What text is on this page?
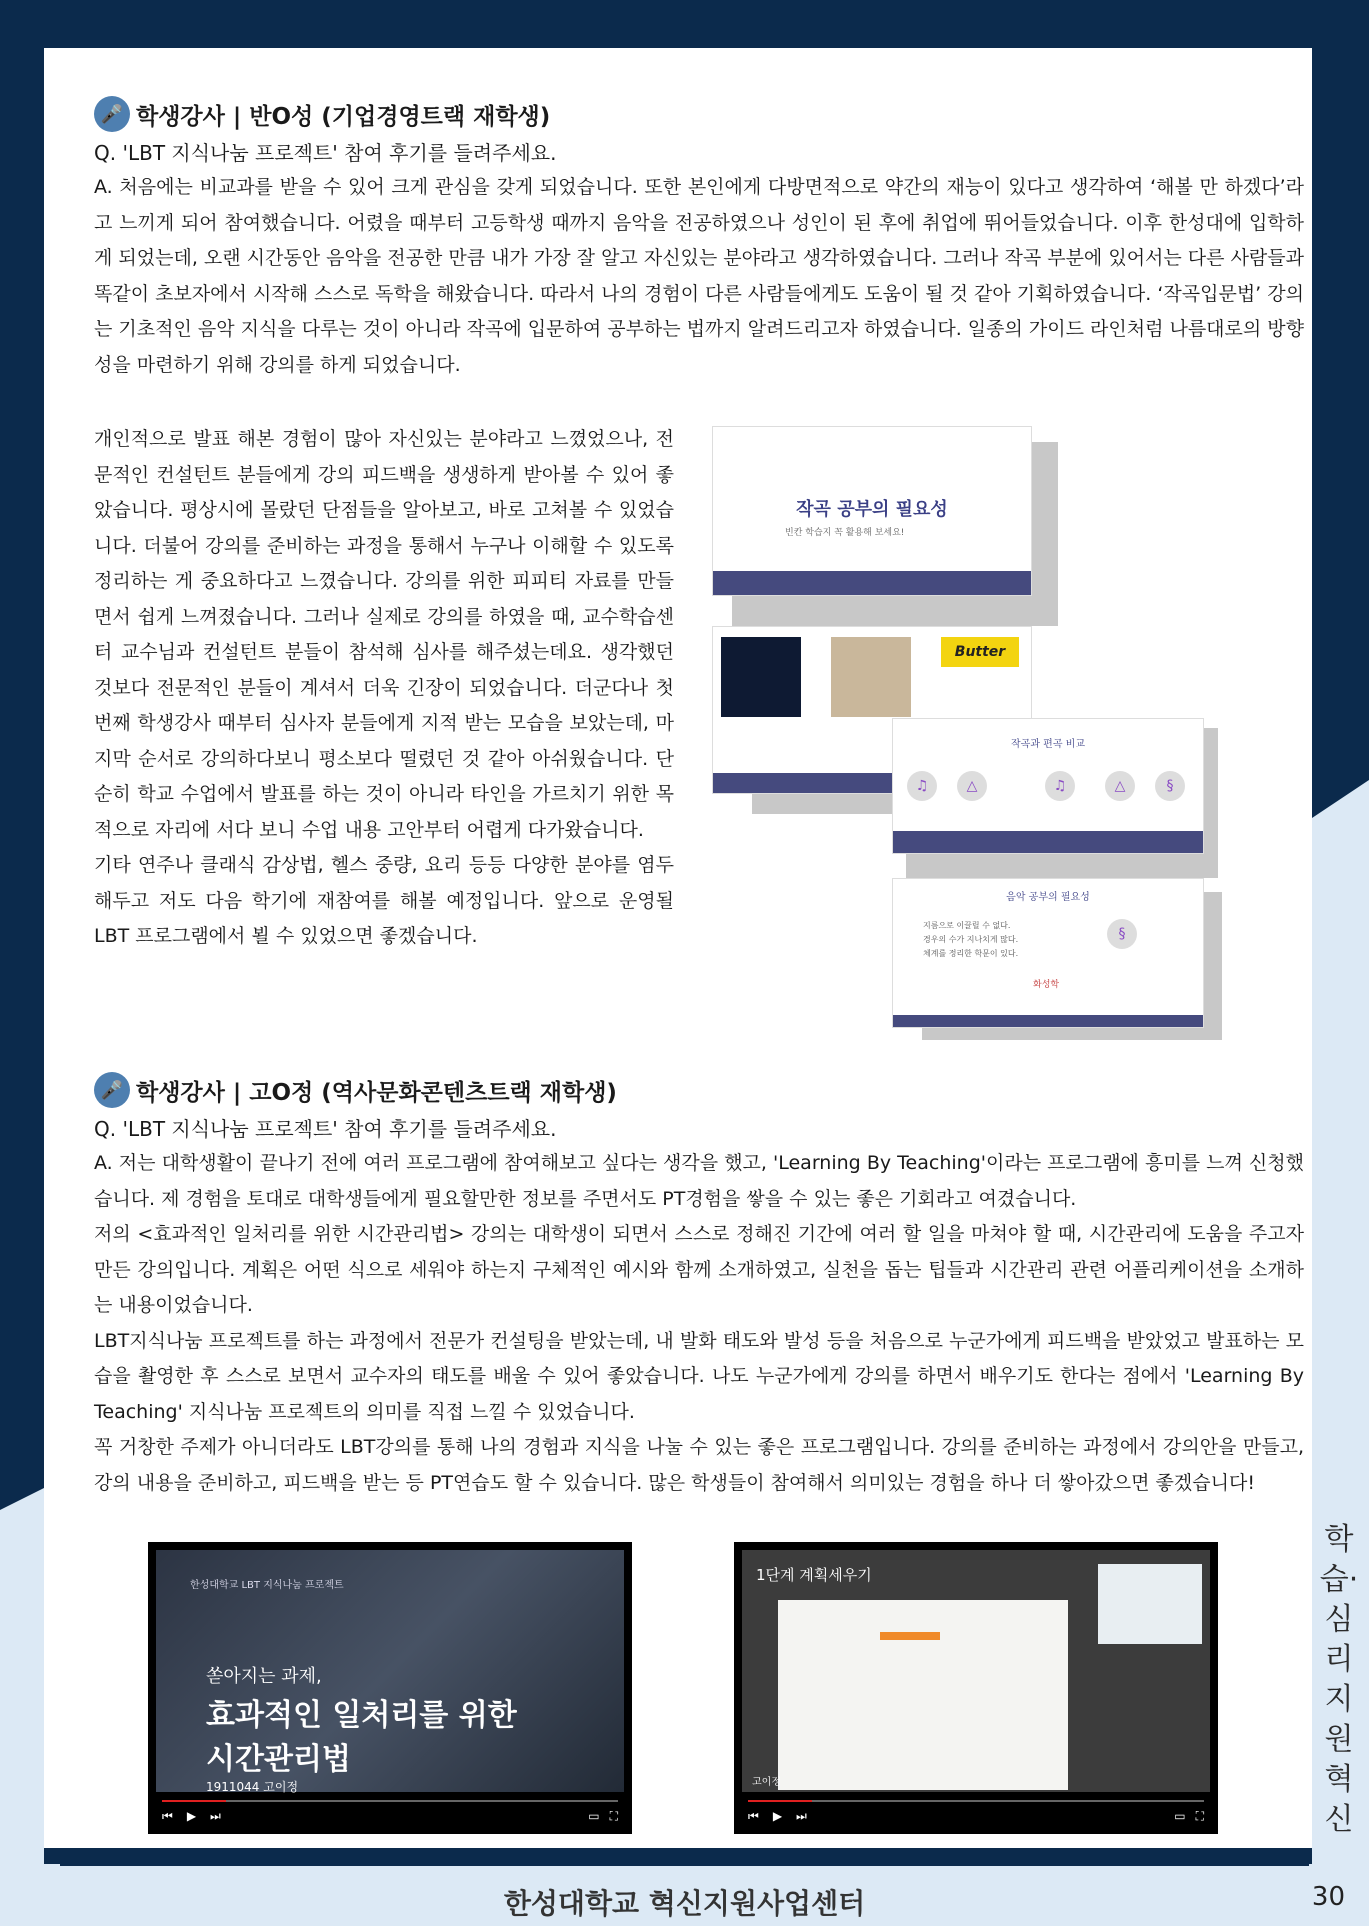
🎤 학생강사 | 반O성 (기업경영트랙 재학생)
Q. 'LBT 지식나눔 프로젝트' 참여 후기를 들려주세요.
A. 처음에는 비교과를 받을 수 있어 크게 관심을 갖게 되었습니다. 또한 본인에게 다방면적으로 약간의 재능이 있다고 생각하여 ‘해볼 만 하겠다’라고 느끼게 되어 참여했습니다. 어렸을 때부터 고등학생 때까지 음악을 전공하였으나 성인이 된 후에 취업에 뛰어들었습니다. 이후 한성대에 입학하게 되었는데, 오랜 시간동안 음악을 전공한 만큼 내가 가장 잘 알고 자신있는 분야라고 생각하였습니다. 그러나 작곡 부분에 있어서는 다른 사람들과 똑같이 초보자에서 시작해 스스로 독학을 해왔습니다. 따라서 나의 경험이 다른 사람들에게도 도움이 될 것 같아 기획하였습니다. ‘작곡입문법’ 강의는 기초적인 음악 지식을 다루는 것이 아니라 작곡에 입문하여 공부하는 법까지 알려드리고자 하였습니다. 일종의 가이드 라인처럼 나름대로의 방향성을 마련하기 위해 강의를 하게 되었습니다.

개인적으로 발표 해본 경험이 많아 자신있는 분야라고 느꼈었으나, 전문적인 컨설턴트 분들에게 강의 피드백을 생생하게 받아볼 수 있어 좋았습니다. 평상시에 몰랐던 단점들을 알아보고, 바로 고쳐볼 수 있었습니다. 더불어 강의를 준비하는 과정을 통해서 누구나 이해할 수 있도록 정리하는 게 중요하다고 느꼈습니다. 강의를 위한 피피티 자료를 만들면서 쉽게 느껴졌습니다. 그러나 실제로 강의를 하였을 때, 교수학습센터 교수님과 컨설턴트 분들이 참석해 심사를 해주셨는데요. 생각했던 것보다 전문적인 분들이 계셔서 더욱 긴장이 되었습니다. 더군다나 첫 번째 학생강사 때부터 심사자 분들에게 지적 받는 모습을 보았는데, 마지막 순서로 강의하다보니 평소보다 떨렸던 것 같아 아쉬웠습니다. 단순히 학교 수업에서 발표를 하는 것이 아니라 타인을 가르치기 위한 목적으로 자리에 서다 보니 수업 내용 고안부터 어렵게 다가왔습니다.

기타 연주나 클래식 감상법, 헬스 중량, 요리 등등 다양한 분야를 염두해두고 저도 다음 학기에 재참여를 해볼 예정입니다. 앞으로 운영될 LBT 프로그램에서 뵐 수 있었으면 좋겠습니다.

작곡 공부의 필요성
빈칸 학습지 꼭 활용해 보세요!
Butter
작곡과 편곡 비교
♫	△	♫	△	§
음악 공부의 필요성
지름으로 이끌릴 수 없다.
경우의 수가 지나치게 많다.
체계를 정리한 학문이 있다.
§
화성학
🎤 학생강사 | 고O정 (역사문화콘텐츠트랙 재학생)
Q. 'LBT 지식나눔 프로젝트' 참여 후기를 들려주세요.
A. 저는 대학생활이 끝나기 전에 여러 프로그램에 참여해보고 싶다는 생각을 했고, 'Learning By Teaching'이라는 프로그램에 흥미를 느껴 신청했습니다. 제 경험을 토대로 대학생들에게 필요할만한 정보를 주면서도 PT경험을 쌓을 수 있는 좋은 기회라고 여겼습니다.
저의 <효과적인 일처리를 위한 시간관리법> 강의는 대학생이 되면서 스스로 정해진 기간에 여러 할 일을 마쳐야 할 때, 시간관리에 도움을 주고자 만든 강의입니다. 계획은 어떤 식으로 세워야 하는지 구체적인 예시와 함께 소개하였고, 실천을 돕는 팁들과 시간관리 관련 어플리케이션을 소개하는 내용이었습니다.
LBT지식나눔 프로젝트를 하는 과정에서 전문가 컨설팅을 받았는데, 내 발화 태도와 발성 등을 처음으로 누군가에게 피드백을 받았었고 발표하는 모습을 촬영한 후 스스로 보면서 교수자의 태도를 배울 수 있어 좋았습니다. 나도 누군가에게 강의를 하면서 배우기도 한다는 점에서 'Learning By Teaching' 지식나눔 프로젝트의 의미를 직접 느낄 수 있었습니다.
꼭 거창한 주제가 아니더라도 LBT강의를 통해 나의 경험과 지식을 나눌 수 있는 좋은 프로그램입니다. 강의를 준비하는 과정에서 강의안을 만들고, 강의 내용을 준비하고, 피드백을 받는 등 PT연습도 할 수 있습니다. 많은 학생들이 참여해서 의미있는 경험을 하나 더 쌓아갔으면 좋겠습니다!
한성대학교 LBT 지식나눔 프로젝트
쏟아지는 과제,
효과적인 일처리를 위한
시간관리법
1911044 고이정
⏮ ▶ ⏭	▭ ⛶
1단계 계획세우기
고이정
⏮ ▶ ⏭	▭ ⛶
학습·심리지원혁신
한성대학교 혁신지원사업센터	30
